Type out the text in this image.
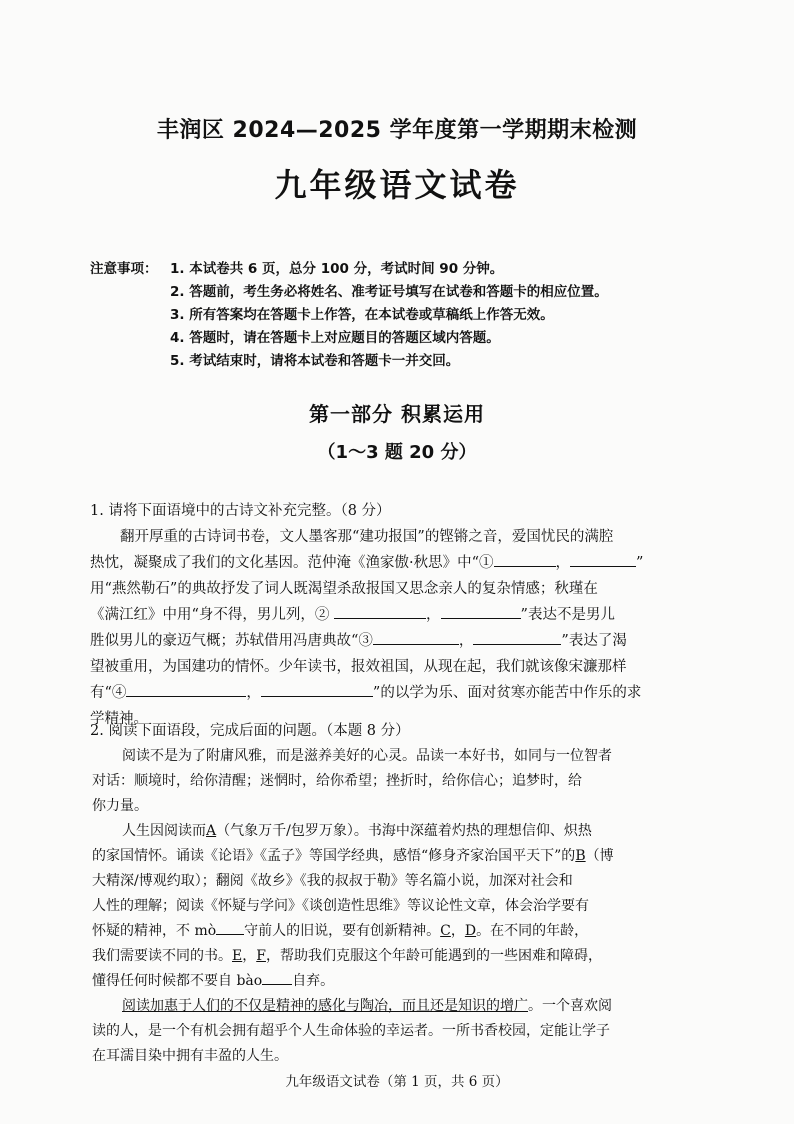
丰润区 2024—2025 学年度第一学期期末检测
九年级语文试卷
注意事项： 1. 本试卷共 6 页，总分 100 分，考试时间 90 分钟。
2. 答题前，考生务必将姓名、准考证号填写在试卷和答题卡的相应位置。
3. 所有答案均在答题卡上作答，在本试卷或草稿纸上作答无效。
4. 答题时，请在答题卡上对应题目的答题区域内答题。
5. 考试结束时，请将本试卷和答题卡一并交回。
第一部分 积累运用
（1～3 题 20 分）
1. 请将下面语境中的古诗文补充完整。（8 分）
翻开厚重的古诗词书卷，文人墨客那“建功报国”的铿锵之音，爱国忧民的满腔
热忱，凝聚成了我们的文化基因。范仲淹《渔家傲·秋思》中“①	，	”
用“燕然勒石”的典故抒发了词人既渴望杀敌报国又思念亲人的复杂情感；秋瑾在
《满江红》中用“身不得，男儿列，②	，	”表达不是男儿
胜似男儿的豪迈气概；苏轼借用冯唐典故“③	，	”表达了渴
望被重用，为国建功的情怀。少年读书，报效祖国，从现在起，我们就该像宋濂那样
有“④	，	”的以学为乐、面对贫寒亦能苦中作乐的求
学精神。
2. 阅读下面语段，完成后面的问题。（本题 8 分）
阅读不是为了附庸风雅，而是滋养美好的心灵。品读一本好书，如同与一位智者
对话：顺境时，给你清醒；迷惘时，给你希望；挫折时，给你信心；追梦时，给
你力量。
人生因阅读而A（气象万千/包罗万象）。书海中深蕴着灼热的理想信仰、炽热
的家国情怀。诵读《论语》《孟子》等国学经典，感悟“修身齐家治国平天下”的B（博
大精深/博观约取）；翻阅《故乡》《我的叔叔于勒》等名篇小说，加深对社会和
人性的理解；阅读《怀疑与学问》《谈创造性思维》等议论性文章，体会治学要有
怀疑的精神，不 mò 守前人的旧说，要有创新精神。C，D。在不同的年龄，
我们需要读不同的书。E，F，帮助我们克服这个年龄可能遇到的一些困难和障碍，
懂得任何时候都不要自 bào 自弃。
阅读加惠于人们的不仅是精神的感化与陶冶，而且还是知识的增广。一个喜欢阅
读的人，是一个有机会拥有超乎个人生命体验的幸运者。一所书香校园，定能让学子
在耳濡目染中拥有丰盈的人生。
九年级语文试卷（第 1 页，共 6 页）
